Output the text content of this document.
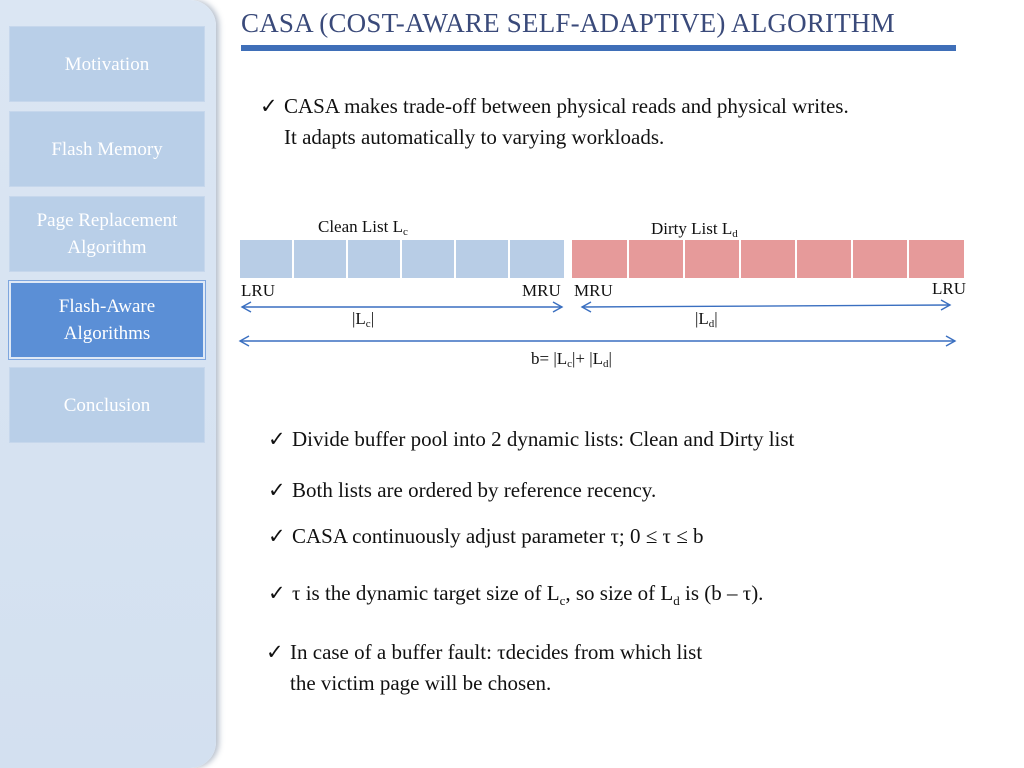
Motivation
Flash Memory
Page Replacement Algorithm
Flash-Aware Algorithms
Conclusion
CASA (COST-AWARE SELF-ADAPTIVE) ALGORITHM
✓ CASA makes trade-off between physical reads and physical writes.
It adapts automatically to varying workloads.
Clean List $L_c$	Dirty List $L_d$
LRU	MRU MRU	LRU
$|L_c|$	$|L_d|$
$b= |L_c|+ |L_d|$
✓ Divide buffer pool into 2 dynamic lists: Clean and Dirty list
✓ Both lists are ordered by reference recency.
✓ CASA continuously adjust parameter τ; 0 ≤ τ ≤ b
✓ τ is the dynamic target size of $L_c$, so size of $L_d$ is (b – τ).
✓ In case of a buffer fault: τdecides from which list
the victim page will be chosen.
